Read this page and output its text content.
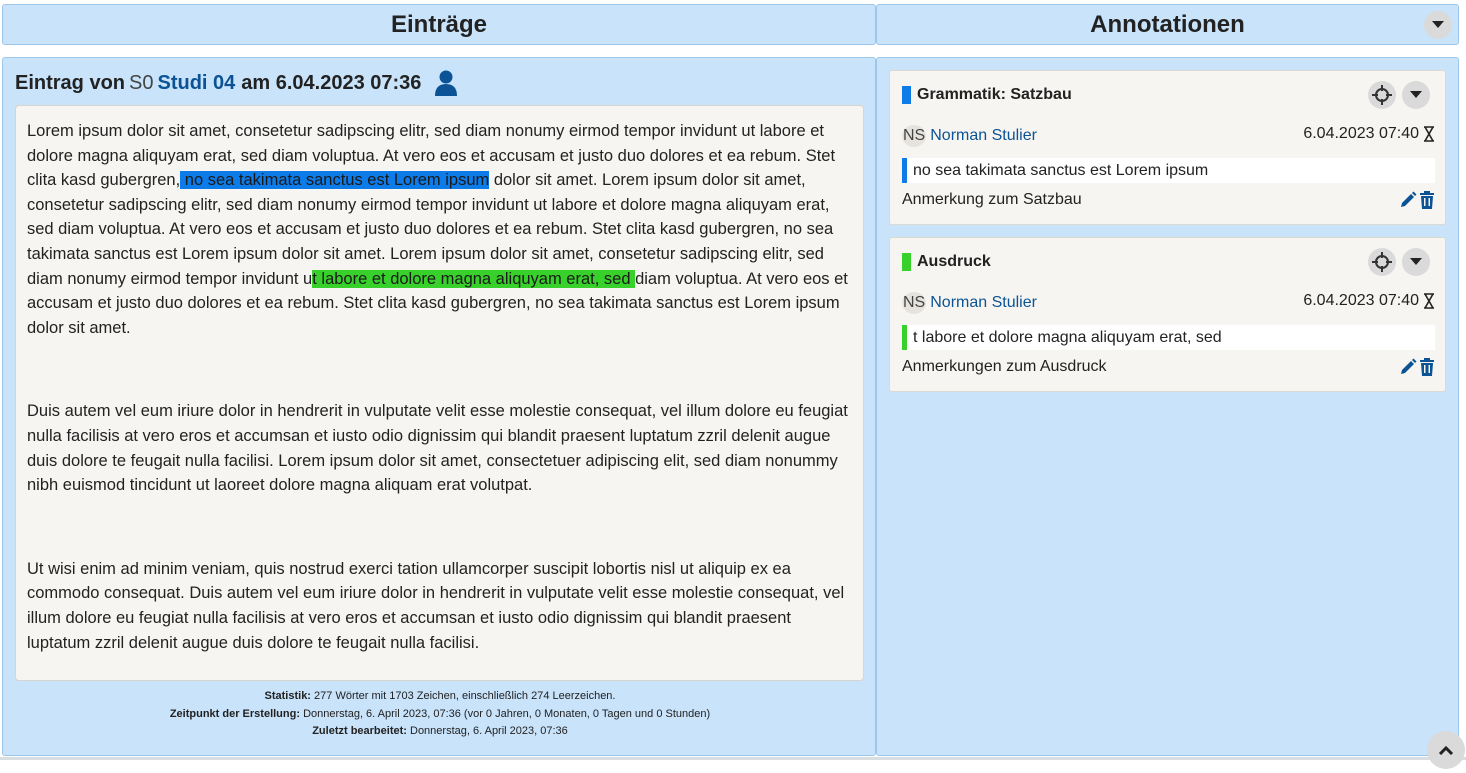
Einträge	Annotationen
Eintrag von S0 Studi 04 am 6.04.2023 07:36

Lorem ipsum dolor sit amet, consetetur sadipscing elitr, sed diam nonumy eirmod tempor invidunt ut labore et dolore magna aliquyam erat, sed diam voluptua. At vero eos et accusam et justo duo dolores et ea rebum. Stet clita kasd gubergren, no sea takimata sanctus est Lorem ipsum dolor sit amet. Lorem ipsum dolor sit amet, consetetur sadipscing elitr, sed diam nonumy eirmod tempor invidunt ut labore et dolore magna aliquyam erat, sed diam voluptua. At vero eos et accusam et justo duo dolores et ea rebum. Stet clita kasd gubergren, no sea takimata sanctus est Lorem ipsum dolor sit amet. Lorem ipsum dolor sit amet, consetetur sadipscing elitr, sed diam nonumy eirmod tempor invidunt ut labore et dolore magna aliquyam erat, sed diam voluptua. At vero eos et accusam et justo duo dolores et ea rebum. Stet clita kasd gubergren, no sea takimata sanctus est Lorem ipsum dolor sit amet.

Duis autem vel eum iriure dolor in hendrerit in vulputate velit esse molestie consequat, vel illum dolore eu feugiat nulla facilisis at vero eros et accumsan et iusto odio dignissim qui blandit praesent luptatum zzril delenit augue duis dolore te feugait nulla facilisi. Lorem ipsum dolor sit amet, consectetuer adipiscing elit, sed diam nonummy nibh euismod tincidunt ut laoreet dolore magna aliquam erat volutpat.

Ut wisi enim ad minim veniam, quis nostrud exerci tation ullamcorper suscipit lobortis nisl ut aliquip ex ea commodo consequat. Duis autem vel eum iriure dolor in hendrerit in vulputate velit esse molestie consequat, vel illum dolore eu feugiat nulla facilisis at vero eros et accumsan et iusto odio dignissim qui blandit praesent luptatum zzril delenit augue duis dolore te feugait nulla facilisi.

Statistik: 277 Wörter mit 1703 Zeichen, einschließlich 274 Leerzeichen.
Zeitpunkt der Erstellung: Donnerstag, 6. April 2023, 07:36 (vor 0 Jahren, 0 Monaten, 0 Tagen und 0 Stunden)
Zuletzt bearbeitet: Donnerstag, 6. April 2023, 07:36
Grammatik: Satzbau
NS Norman Stulier	6.04.2023 07:40
no sea takimata sanctus est Lorem ipsum
Anmerkung zum Satzbau
Ausdruck
NS Norman Stulier	6.04.2023 07:40
t labore et dolore magna aliquyam erat, sed
Anmerkungen zum Ausdruck
